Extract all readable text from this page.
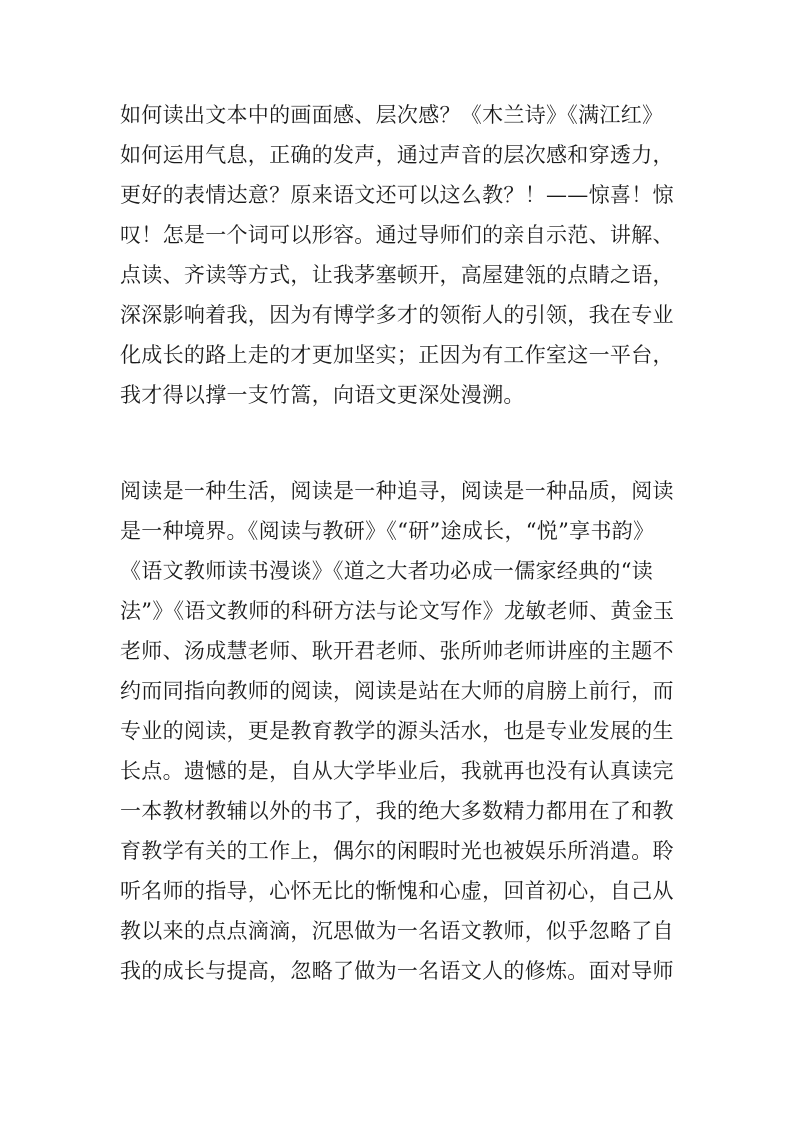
如何读出文本中的画面感、层次感？《木兰诗》《满江红》
如何运用气息，正确的发声，通过声音的层次感和穿透力，
更好的表情达意？原来语文还可以这么教？！——惊喜！惊
叹！怎是一个词可以形容。通过导师们的亲自示范、讲解、
点读、齐读等方式，让我茅塞顿开，高屋建瓴的点睛之语，
深深影响着我，因为有博学多才的领衔人的引领，我在专业
化成长的路上走的才更加坚实；正因为有工作室这一平台，
我才得以撑一支竹篙，向语文更深处漫溯。
阅读是一种生活，阅读是一种追寻，阅读是一种品质，阅读
是一种境界。《阅读与教研》《“研”途成长，“悦”享书韵》
《语文教师读书漫谈》《道之大者功必成一儒家经典的“读
法”》《语文教师的科研方法与论文写作》龙敏老师、黄金玉
老师、汤成慧老师、耿开君老师、张所帅老师讲座的主题不
约而同指向教师的阅读，阅读是站在大师的肩膀上前行，而
专业的阅读，更是教育教学的源头活水，也是专业发展的生
长点。遗憾的是，自从大学毕业后，我就再也没有认真读完
一本教材教辅以外的书了，我的绝大多数精力都用在了和教
育教学有关的工作上，偶尔的闲暇时光也被娱乐所消遣。聆
听名师的指导，心怀无比的惭愧和心虚，回首初心，自己从
教以来的点点滴滴，沉思做为一名语文教师，似乎忽略了自
我的成长与提高，忽略了做为一名语文人的修炼。面对导师
